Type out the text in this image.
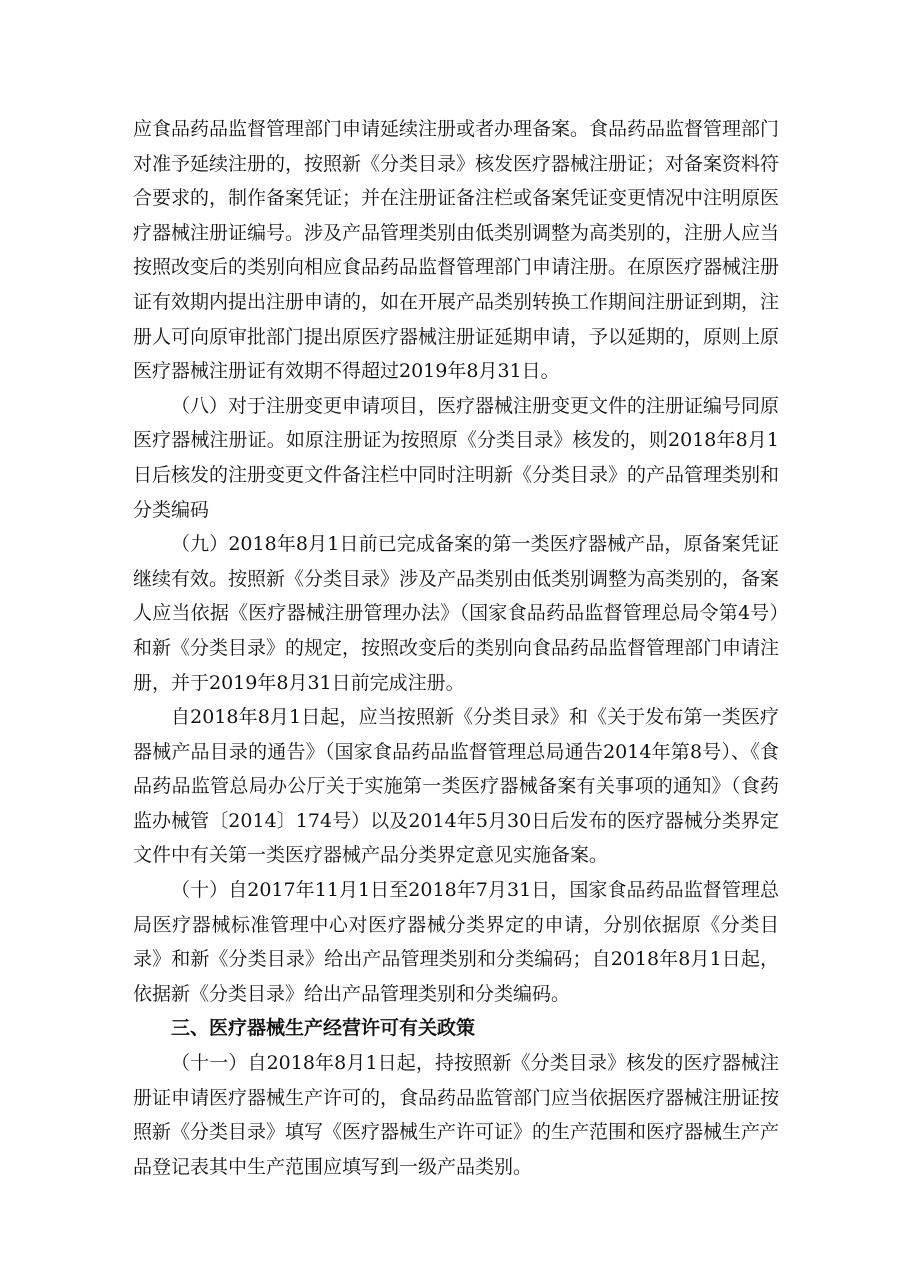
应食品药品监督管理部门申请延续注册或者办理备案。食品药品监督管理部门对准予延续注册的，按照新《分类目录》核发医疗器械注册证；对备案资料符合要求的，制作备案凭证；并在注册证备注栏或备案凭证变更情况中注明原医疗器械注册证编号。涉及产品管理类别由低类别调整为高类别的，注册人应当按照改变后的类别向相应食品药品监督管理部门申请注册。在原医疗器械注册证有效期内提出注册申请的，如在开展产品类别转换工作期间注册证到期，注册人可向原审批部门提出原医疗器械注册证延期申请，予以延期的，原则上原医疗器械注册证有效期不得超过2019年8月31日。

（八）对于注册变更申请项目，医疗器械注册变更文件的注册证编号同原医疗器械注册证。如原注册证为按照原《分类目录》核发的，则2018年8月1日后核发的注册变更文件备注栏中同时注明新《分类目录》的产品管理类别和分类编码

（九）2018年8月1日前已完成备案的第一类医疗器械产品，原备案凭证继续有效。按照新《分类目录》涉及产品类别由低类别调整为高类别的，备案人应当依据《医疗器械注册管理办法》（国家食品药品监督管理总局令第4号）和新《分类目录》的规定，按照改变后的类别向食品药品监督管理部门申请注册，并于2019年8月31日前完成注册。

自2018年8月1日起，应当按照新《分类目录》和《关于发布第一类医疗器械产品目录的通告》（国家食品药品监督管理总局通告2014年第8号）、《食品药品监管总局办公厅关于实施第一类医疗器械备案有关事项的通知》（食药监办械管〔2014〕174号）以及2014年5月30日后发布的医疗器械分类界定文件中有关第一类医疗器械产品分类界定意见实施备案。

（十）自2017年11月1日至2018年7月31日，国家食品药品监督管理总局医疗器械标准管理中心对医疗器械分类界定的申请，分别依据原《分类目录》和新《分类目录》给出产品管理类别和分类编码；自2018年8月1日起，依据新《分类目录》给出产品管理类别和分类编码。

三、医疗器械生产经营许可有关政策

（十一）自2018年8月1日起，持按照新《分类目录》核发的医疗器械注册证申请医疗器械生产许可的，食品药品监管部门应当依据医疗器械注册证按照新《分类目录》填写《医疗器械生产许可证》的生产范围和医疗器械生产产品登记表其中生产范围应填写到一级产品类别。
